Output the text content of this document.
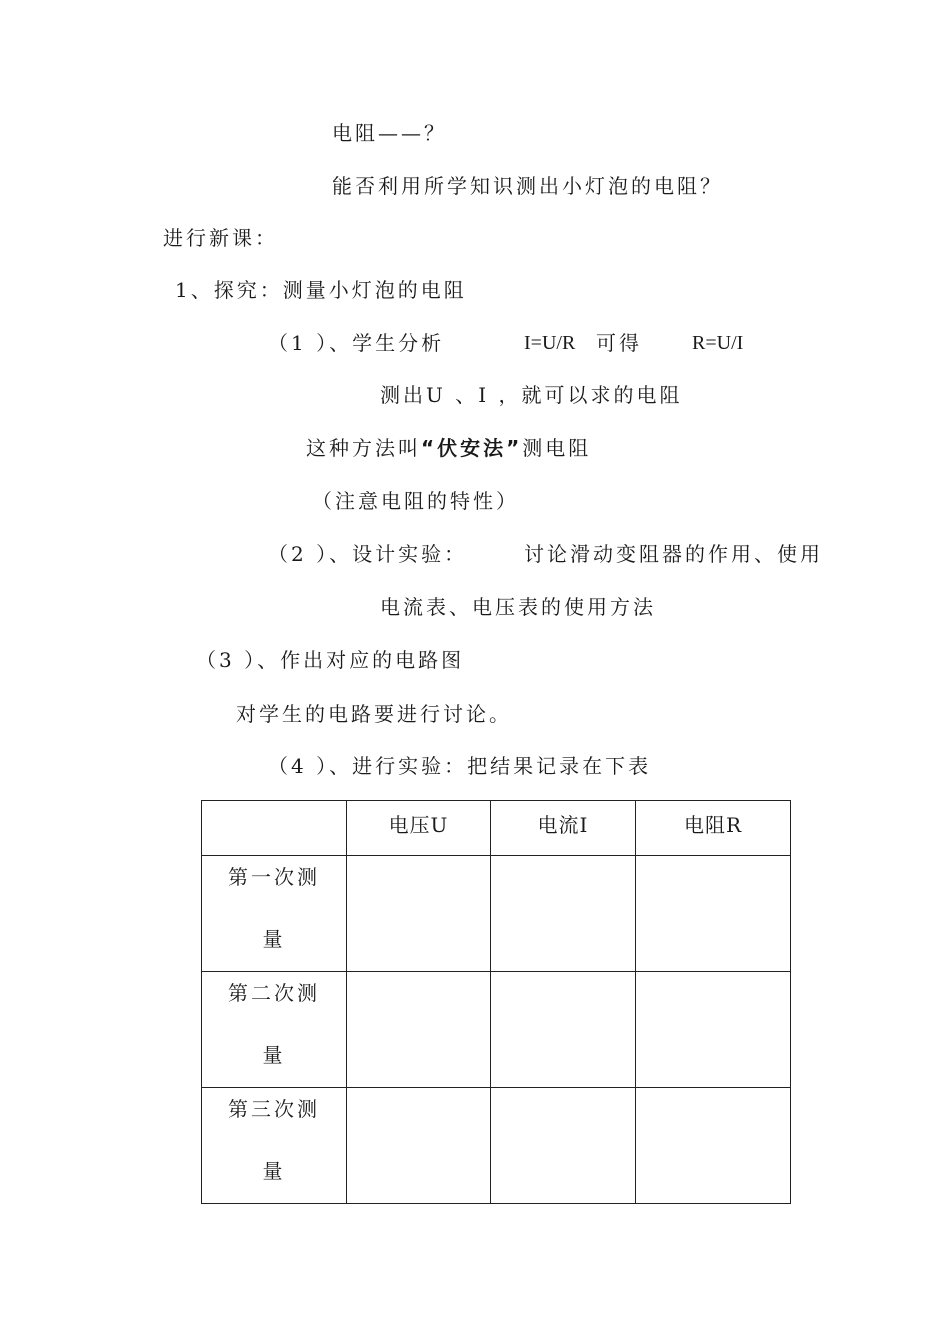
电阻——？
能否利用所学知识测出小灯泡的电阻？
进行新课：
1、探究：测量小灯泡的电阻
（1 ）、学生分析	I=U/R 可得	R=U/I
测出U 、I ，就可以求的电阻
这种方法叫“伏安法”测电阻
（注意电阻的特性）
（2 ）、设计实验：	讨论滑动变阻器的作用、使用
电流表、电压表的使用方法
（3 ）、作出对应的电路图
对学生的电路要进行讨论。
（4 ）、进行实验：把结果记录在下表

	电压U	电流I	电阻R

第一次测
量			

第二次测
量			

第三次测
量			
